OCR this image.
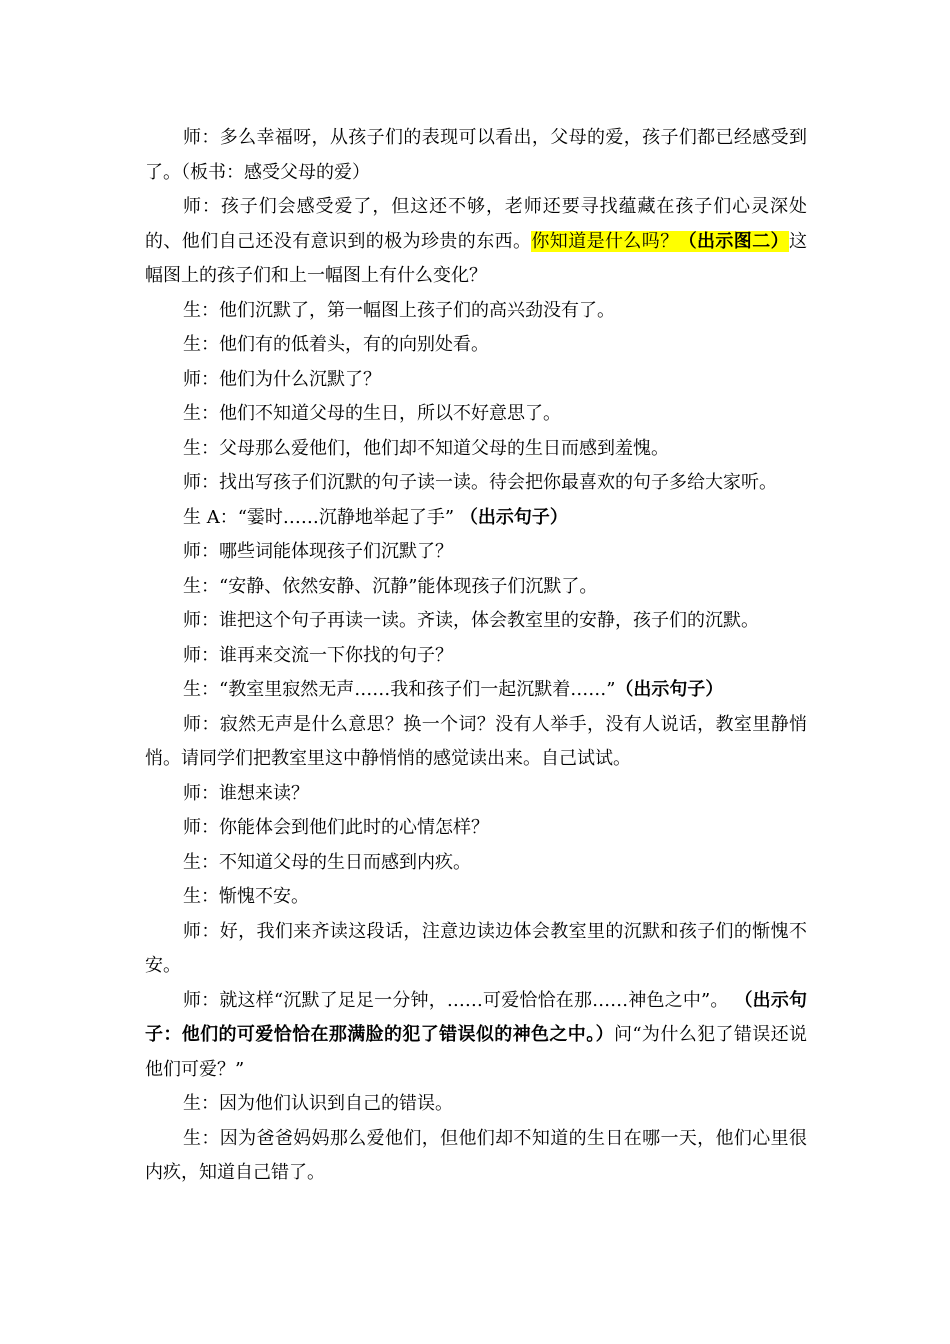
师：多么幸福呀，从孩子们的表现可以看出，父母的爱，孩子们都已经感受到了。（板书：感受父母的爱）

师：孩子们会感受爱了，但这还不够，老师还要寻找蕴藏在孩子们心灵深处的、他们自己还没有意识到的极为珍贵的东西。你知道是什么吗？（出示图二）这幅图上的孩子们和上一幅图上有什么变化？

生：他们沉默了，第一幅图上孩子们的高兴劲没有了。

生：他们有的低着头，有的向别处看。

师：他们为什么沉默了？

生：他们不知道父母的生日，所以不好意思了。

生：父母那么爱他们，他们却不知道父母的生日而感到羞愧。

师：找出写孩子们沉默的句子读一读。待会把你最喜欢的句子多给大家听。

生 A：“霎时……沉静地举起了手” （出示句子）

师：哪些词能体现孩子们沉默了？

生：“安静、依然安静、沉静”能体现孩子们沉默了。

师：谁把这个句子再读一读。齐读，体会教室里的安静，孩子们的沉默。

师：谁再来交流一下你找的句子？

生：“教室里寂然无声……我和孩子们一起沉默着……”（出示句子）

师：寂然无声是什么意思？换一个词？没有人举手，没有人说话，教室里静悄悄。请同学们把教室里这中静悄悄的感觉读出来。自己试试。

师：谁想来读？

师：你能体会到他们此时的心情怎样？

生：不知道父母的生日而感到内疚。

生：惭愧不安。

师：好，我们来齐读这段话，注意边读边体会教室里的沉默和孩子们的惭愧不安。

师：就这样“沉默了足足一分钟，……可爱恰恰在那……神色之中”。 （出示句子：他们的可爱恰恰在那满脸的犯了错误似的神色之中。）问“为什么犯了错误还说他们可爱？”

生：因为他们认识到自己的错误。

生：因为爸爸妈妈那么爱他们，但他们却不知道的生日在哪一天，他们心里很内疚，知道自己错了。
